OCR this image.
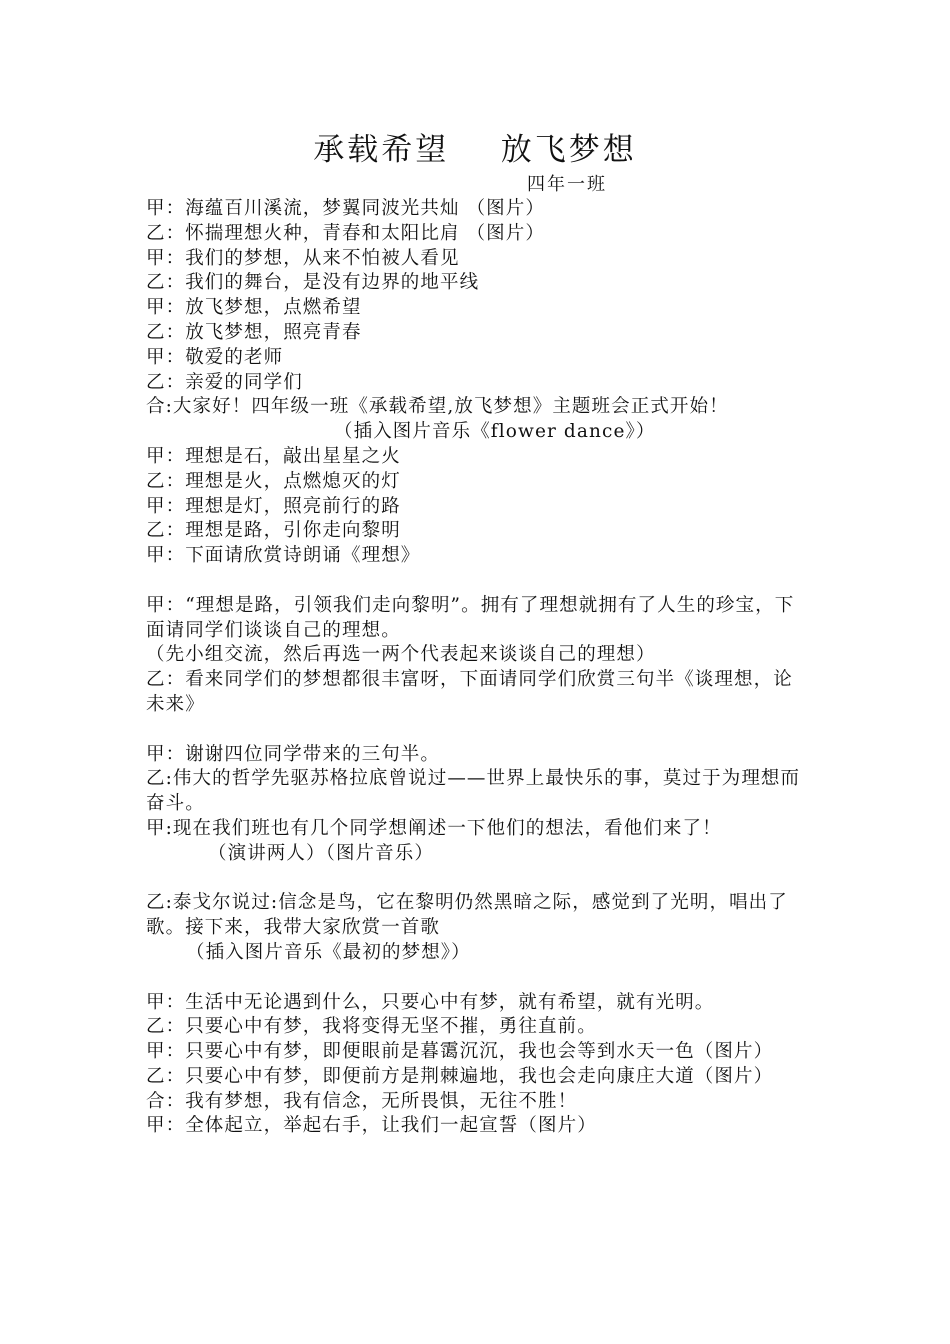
承载希望    放飞梦想
四年一班
甲：海蕴百川溪流，梦翼同波光共灿 （图片）
乙：怀揣理想火种，青春和太阳比肩 （图片）
甲：我们的梦想，从来不怕被人看见
乙：我们的舞台，是没有边界的地平线
甲：放飞梦想，点燃希望
乙：放飞梦想，照亮青春
甲：敬爱的老师
乙：亲爱的同学们
合:大家好！四年级一班《承载希望,放飞梦想》主题班会正式开始！
（插入图片音乐《flower dance》）
甲：理想是石，敲出星星之火
乙：理想是火，点燃熄灭的灯
甲：理想是灯，照亮前行的路
乙：理想是路，引你走向黎明
甲：下面请欣赏诗朗诵《理想》
甲：“理想是路，引领我们走向黎明”。拥有了理想就拥有了人生的珍宝，下面请同学们谈谈自己的理想。
（先小组交流，然后再选一两个代表起来谈谈自己的理想）
乙：看来同学们的梦想都很丰富呀，下面请同学们欣赏三句半《谈理想，论未来》
甲：谢谢四位同学带来的三句半。
乙:伟大的哲学先驱苏格拉底曾说过——世界上最快乐的事，莫过于为理想而奋斗。
甲:现在我们班也有几个同学想阐述一下他们的想法，看他们来了！
（演讲两人）（图片音乐）
乙:泰戈尔说过:信念是鸟，它在黎明仍然黑暗之际，感觉到了光明，唱出了歌。接下来，我带大家欣赏一首歌
（插入图片音乐《最初的梦想》）
甲：生活中无论遇到什么，只要心中有梦，就有希望，就有光明。
乙：只要心中有梦，我将变得无坚不摧，勇往直前。
甲：只要心中有梦，即便眼前是暮霭沉沉，我也会等到水天一色（图片）
乙：只要心中有梦，即便前方是荆棘遍地，我也会走向康庄大道（图片）
合：我有梦想，我有信念，无所畏惧，无往不胜！
甲：全体起立，举起右手，让我们一起宣誓（图片）
